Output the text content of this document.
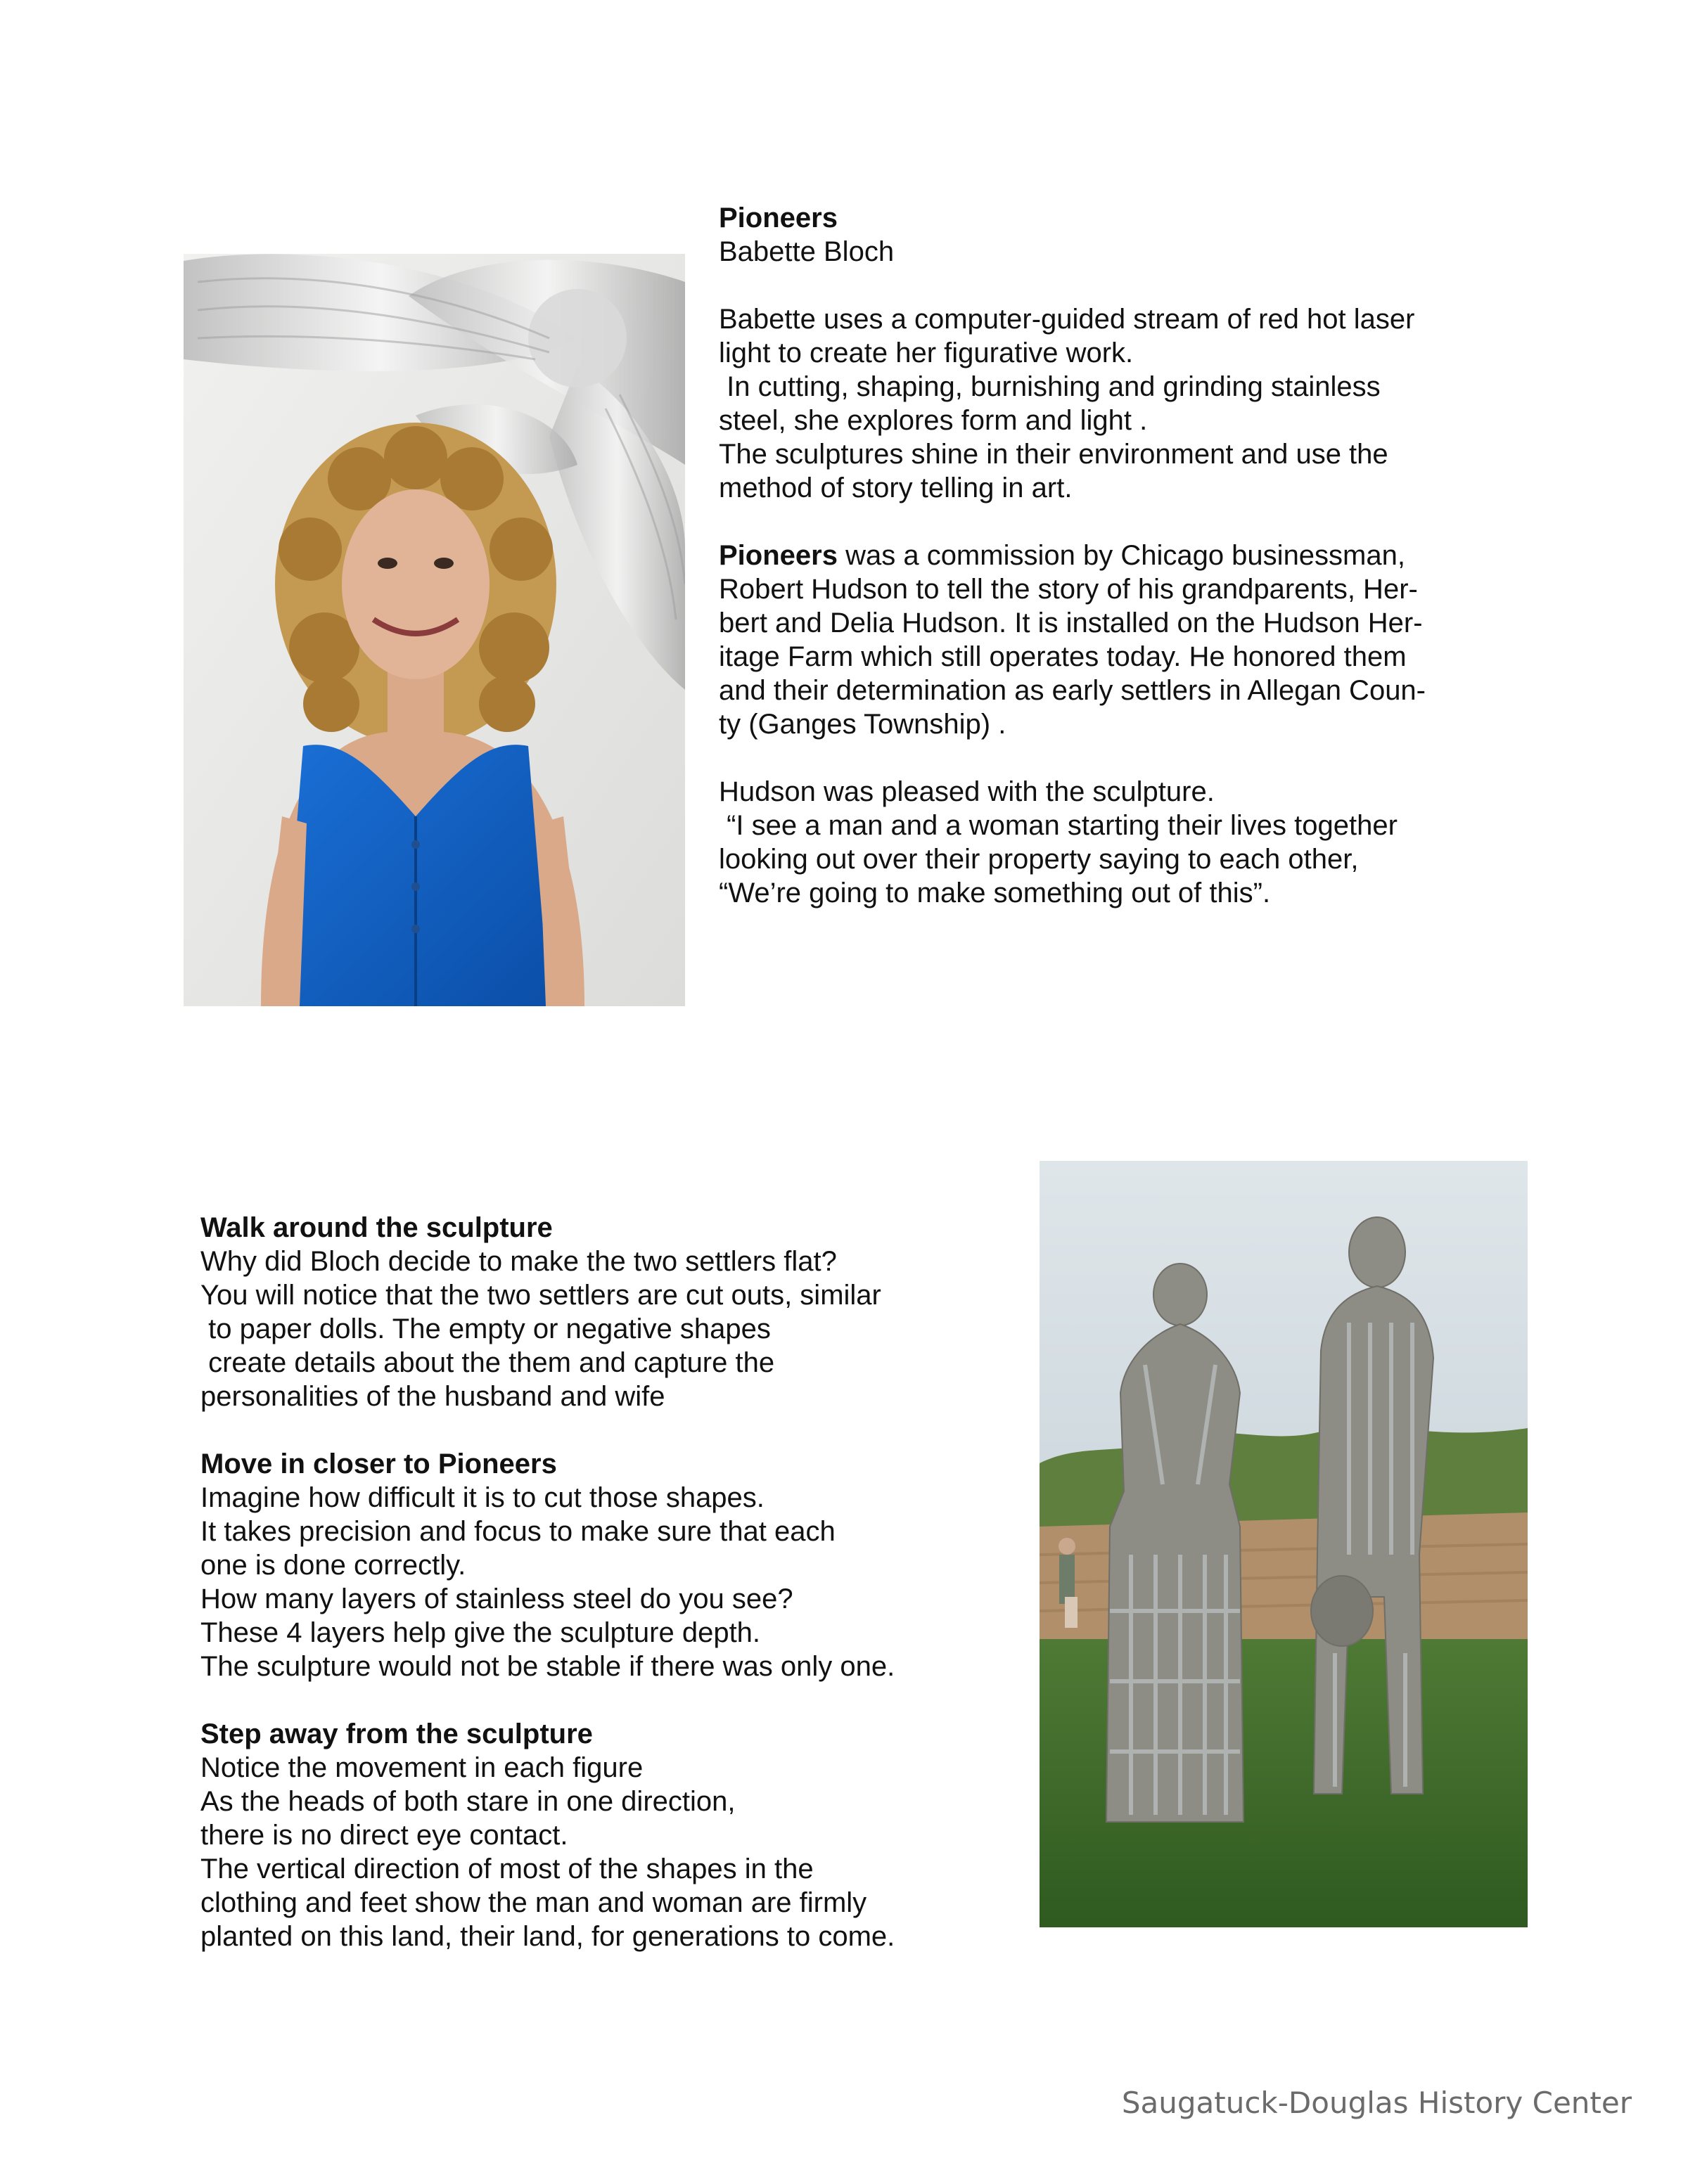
Pioneers
Babette Bloch
Babette uses a computer-guided stream of red hot laser
light to create her figurative work.
In cutting, shaping, burnishing and grinding stainless
steel, she explores form and light .
The sculptures shine in their environment and use the
method of story telling in art.
Pioneers was a commission by Chicago businessman,
Robert Hudson to tell the story of his grandparents, Her-
bert and Delia Hudson. It is installed on the Hudson Her-
itage Farm which still operates today. He honored them
and their determination as early settlers in Allegan Coun-
ty (Ganges Township) .
Hudson was pleased with the sculpture.
“I see a man and a woman starting their lives together
looking out over their property saying to each other,
“We’re going to make something out of this”.
Walk around the sculpture
Why did Bloch decide to make the two settlers flat?
You will notice that the two settlers are cut outs, similar
to paper dolls. The empty or negative shapes
create details about the them and capture the
personalities of the husband and wife
Move in closer to Pioneers
Imagine how difficult it is to cut those shapes.
It takes precision and focus to make sure that each
one is done correctly.
How many layers of stainless steel do you see?
These 4 layers help give the sculpture depth.
The sculpture would not be stable if there was only one.
Step away from the sculpture
Notice the movement in each figure
As the heads of both stare in one direction,
there is no direct eye contact.
The vertical direction of most of the shapes in the
clothing and feet show the man and woman are firmly
planted on this land, their land, for generations to come.
Saugatuck-Douglas History Center
